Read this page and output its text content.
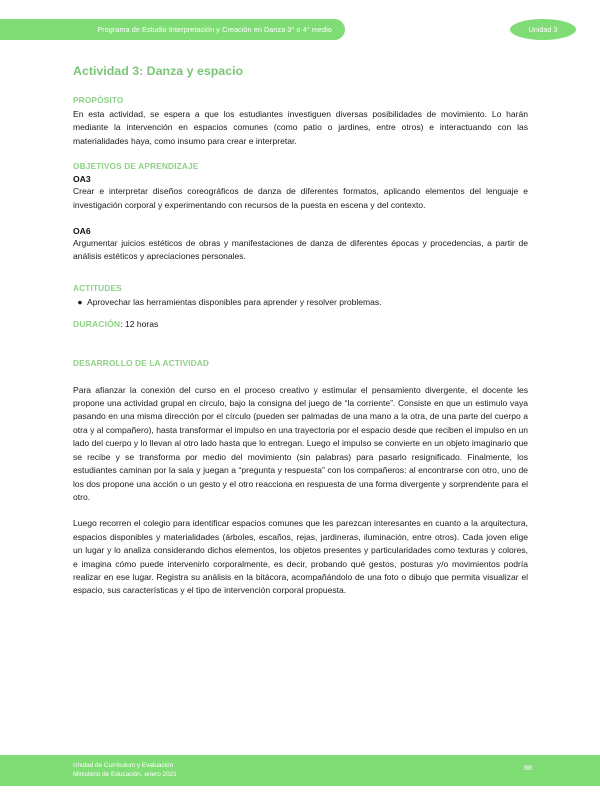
Programa de Estudio Interpretación y Creación en Danza 3° o 4° medio	Unidad 3
Actividad 3: Danza y espacio
PROPÓSITO

En esta actividad, se espera a que los estudiantes investiguen diversas posibilidades de movimiento. Lo harán mediante la intervención en espacios comunes (como patio o jardines, entre otros) e interactuando con las materialidades haya, como insumo para crear e interpretar.

OBJETIVOS DE APRENDIZAJE
OA3

Crear e interpretar diseños coreográficos de danza de diferentes formatos, aplicando elementos del lenguaje e investigación corporal y experimentando con recursos de la puesta en escena y del contexto.

OA6

Argumentar juicios estéticos de obras y manifestaciones de danza de diferentes épocas y procedencias, a partir de análisis estéticos y apreciaciones personales.

ACTITUDES
● Aprovechar las herramientas disponibles para aprender y resolver problemas.
DURACIÓN: 12 horas
DESARROLLO DE LA ACTIVIDAD

Para afianzar la conexión del curso en el proceso creativo y estimular el pensamiento divergente, el docente les propone una actividad grupal en círculo, bajo la consigna del juego de “la corriente”. Consiste en que un estimulo vaya pasando en una misma dirección por el círculo (pueden ser palmadas de una mano a la otra, de una parte del cuerpo a otra y al compañero), hasta transformar el impulso en una trayectoria por el espacio desde que reciben el impulso en un lado del cuerpo y lo llevan al otro lado hasta que lo entregan. Luego el impulso se convierte en un objeto imaginario que se recibe y se transforma por medio del movimiento (sin palabras) para pasarlo resignificado. Finalmente, los estudiantes caminan por la sala y juegan a “pregunta y respuesta” con los compañeros: al encontrarse con otro, uno de los dos propone una acción o un gesto y el otro reacciona en respuesta de una forma divergente y sorprendente para el otro.

Luego recorren el colegio para identificar espacios comunes que les parezcan interesantes en cuanto a la arquitectura, espacios disponibles y materialidades (árboles, escaños, rejas, jardineras, iluminación, entre otros). Cada joven elige un lugar y lo analiza considerando dichos elementos, los objetos presentes y particularidades como texturas y colores, e imagina cómo puede intervenirlo corporalmente, es decir, probando qué gestos, posturas y/o movimientos podría realizar en ese lugar. Registra su análisis en la bitácora, acompañándolo de una foto o dibujo que permita visualizar el espacio, sus características y el tipo de intervención corporal propuesta.

Unidad de Currículum y Evaluación
Ministerio de Educación, enero 2021
88
